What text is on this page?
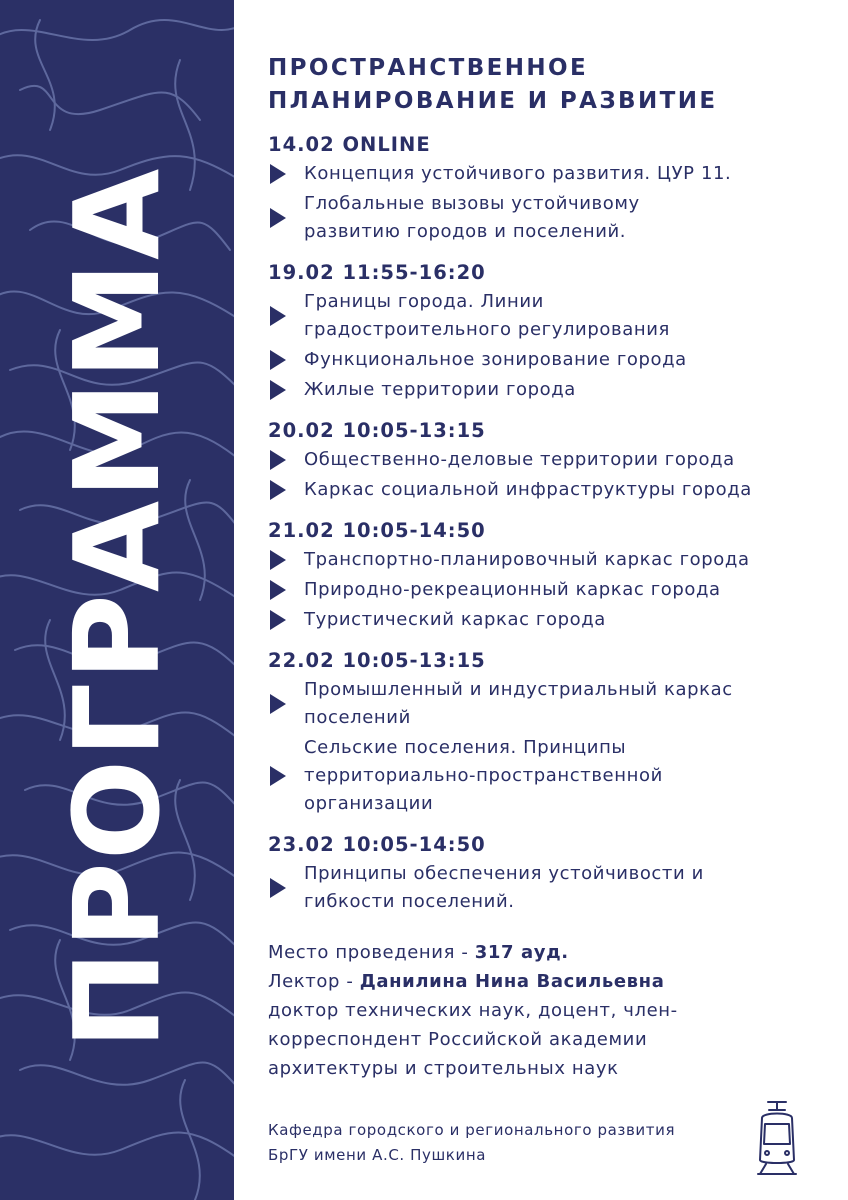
ПРОГРАММА
ПРОСТРАНСТВЕННОЕ
ПЛАНИРОВАНИЕ И РАЗВИТИЕ
14.02 ONLINE
Концепция устойчивого развития. ЦУР 11.
Глобальные вызовы устойчивому
развитию городов и поселений.
19.02 11:55-16:20
Границы города. Линии
градостроительного регулирования
Функциональное зонирование города
Жилые территории города
20.02 10:05-13:15
Общественно-деловые территории города
Каркас социальной инфраструктуры города
21.02 10:05-14:50
Транспортно-планировочный каркас города
Природно-рекреационный каркас города
Туристический каркас города
22.02 10:05-13:15
Промышленный и индустриальный каркас
поселений
Сельские поселения. Принципы
территориально-пространственной
организации
23.02 10:05-14:50
Принципы обеспечения устойчивости и
гибкости поселений.
Место проведения - 317 ауд.
Лектор - Данилина Нина Васильевна
доктор технических наук, доцент, член-
корреспондент Российской академии
архитектуры и строительных наук
Кафедра городского и регионального развития
БрГУ имени А.С. Пушкина
